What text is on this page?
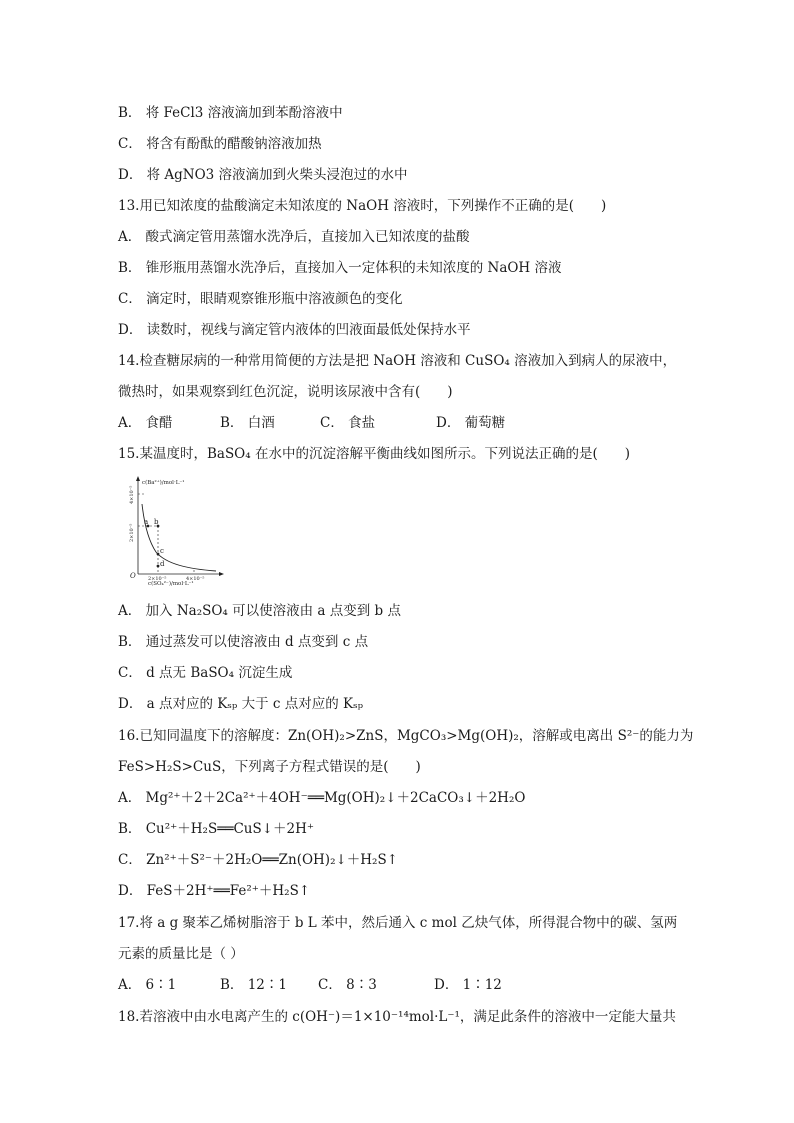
B． 将 FeCl3 溶液滴加到苯酚溶液中
C． 将含有酚酞的醋酸钠溶液加热
D． 将 AgNO3 溶液滴加到火柴头浸泡过的水中
13.用已知浓度的盐酸滴定未知浓度的 NaOH 溶液时，下列操作不正确的是(　　)
A． 酸式滴定管用蒸馏水洗净后，直接加入已知浓度的盐酸
B． 锥形瓶用蒸馏水洗净后，直接加入一定体积的未知浓度的 NaOH 溶液
C． 滴定时，眼睛观察锥形瓶中溶液颜色的变化
D． 读数时，视线与滴定管内液体的凹液面最低处保持水平
14.检查糖尿病的一种常用简便的方法是把 NaOH 溶液和 CuSO₄ 溶液加入到病人的尿液中，
微热时，如果观察到红色沉淀，说明该尿液中含有(　　)
A． 食醋	B． 白酒	C． 食盐	D． 葡萄糖
15.某温度时，BaSO₄ 在水中的沉淀溶解平衡曲线如图所示。下列说法正确的是(　　)
a b
c
d
c(Ba²⁺)/mol·L⁻¹
c(SO₄²⁻)/mol·L⁻¹
4×10⁻⁵
2×10⁻⁵
2×10⁻⁵	4×10⁻⁵
O
A． 加入 Na₂SO₄ 可以使溶液由 a 点变到 b 点
B． 通过蒸发可以使溶液由 d 点变到 c 点
C． d 点无 BaSO₄ 沉淀生成
D． a 点对应的 Kₛₚ 大于 c 点对应的 Kₛₚ
16.已知同温度下的溶解度：Zn(OH)₂>ZnS，MgCO₃>Mg(OH)₂，溶解或电离出 S²⁻的能力为
FeS>H₂S>CuS，下列离子方程式错误的是(　　)
A． Mg²⁺＋2＋2Ca²⁺＋4OH⁻══Mg(OH)₂↓＋2CaCO₃↓＋2H₂O
B． Cu²⁺＋H₂S══CuS↓＋2H⁺
C． Zn²⁺＋S²⁻＋2H₂O══Zn(OH)₂↓＋H₂S↑
D． FeS＋2H⁺══Fe²⁺＋H₂S↑
17.将 a g 聚苯乙烯树脂溶于 b L 苯中，然后通入 c mol 乙炔气体，所得混合物中的碳、氢两
元素的质量比是（ ）
A． 6∶1	B． 12∶1 C． 8∶3	D． 1∶12
18.若溶液中由水电离产生的 c(OH⁻)＝1×10⁻¹⁴mol·L⁻¹，满足此条件的溶液中一定能大量共
